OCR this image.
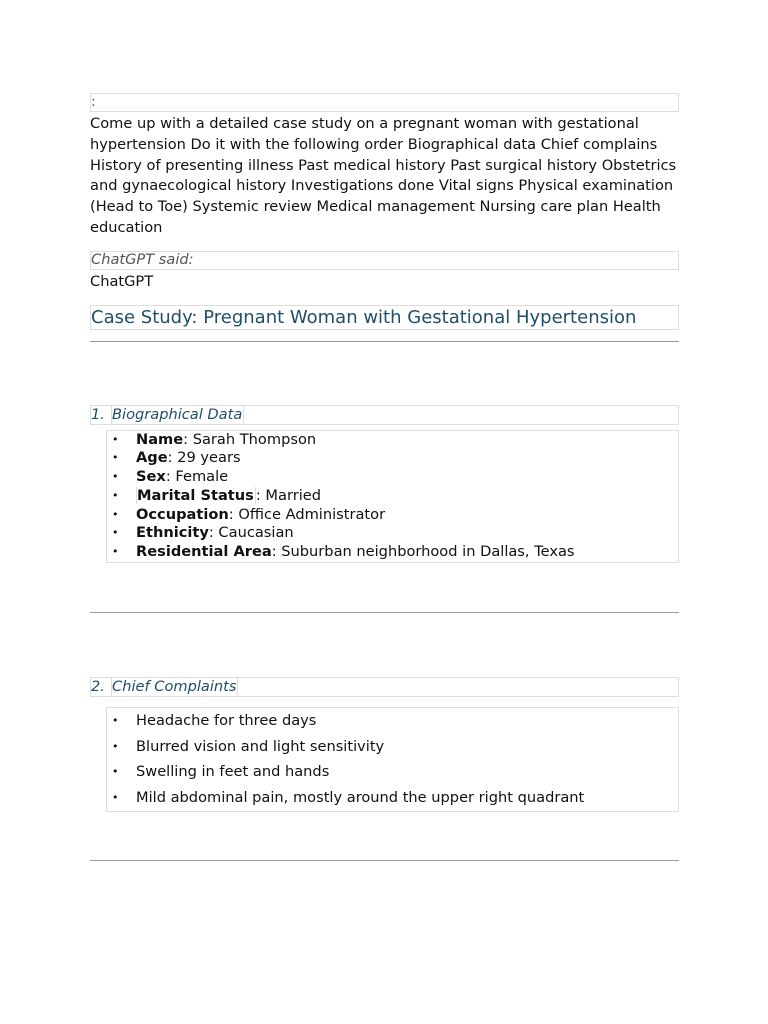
:
Come up with a detailed case study on a pregnant woman with gestational hypertension Do it with the following order Biographical data Chief complains History of presenting illness Past medical history Past surgical history Obstetrics and gynaecological history Investigations done Vital signs Physical examination (Head to Toe) Systemic review Medical management Nursing care plan Health education
ChatGPT said:
ChatGPT
Case Study: Pregnant Woman with Gestational Hypertension
1. Biographical Data
• Name: Sarah Thompson
• Age: 29 years
• Sex: Female
• Marital Status : Married
• Occupation: Office Administrator
• Ethnicity: Caucasian
• Residential Area: Suburban neighborhood in Dallas, Texas
2. Chief Complaints
• Headache for three days
• Blurred vision and light sensitivity
• Swelling in feet and hands
• Mild abdominal pain, mostly around the upper right quadrant
